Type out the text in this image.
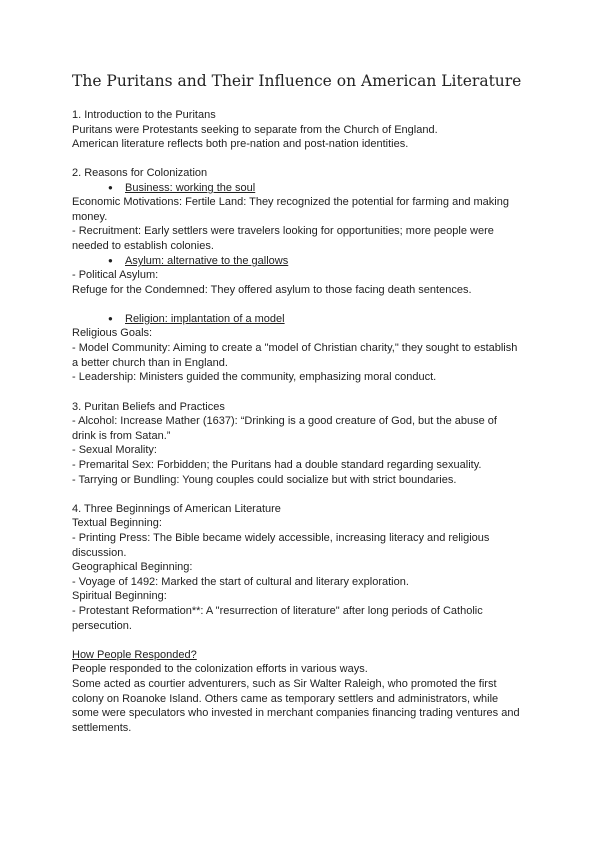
The Puritans and Their Influence on American Literature
1. Introduction to the Puritans
Puritans were Protestants seeking to separate from the Church of England.
American literature reflects both pre-nation and post-nation identities.
2. Reasons for Colonization
● Business: working the soul
Economic Motivations: Fertile Land: They recognized the potential for farming and making
money.
- Recruitment: Early settlers were travelers looking for opportunities; more people were
needed to establish colonies.
● Asylum: alternative to the gallows
- Political Asylum:
Refuge for the Condemned: They offered asylum to those facing death sentences.
● Religion: implantation of a model
Religious Goals:
- Model Community: Aiming to create a "model of Christian charity," they sought to establish
a better church than in England.
- Leadership: Ministers guided the community, emphasizing moral conduct.
3. Puritan Beliefs and Practices
- Alcohol: Increase Mather (1637): “Drinking is a good creature of God, but the abuse of
drink is from Satan.”
- Sexual Morality:
- Premarital Sex: Forbidden; the Puritans had a double standard regarding sexuality.
- Tarrying or Bundling: Young couples could socialize but with strict boundaries.
4. Three Beginnings of American Literature
Textual Beginning:
- Printing Press: The Bible became widely accessible, increasing literacy and religious
discussion.
Geographical Beginning:
- Voyage of 1492: Marked the start of cultural and literary exploration.
Spiritual Beginning:
- Protestant Reformation**: A "resurrection of literature" after long periods of Catholic
persecution.
How People Responded?
People responded to the colonization efforts in various ways.
Some acted as courtier adventurers, such as Sir Walter Raleigh, who promoted the first
colony on Roanoke Island. Others came as temporary settlers and administrators, while
some were speculators who invested in merchant companies financing trading ventures and
settlements.
